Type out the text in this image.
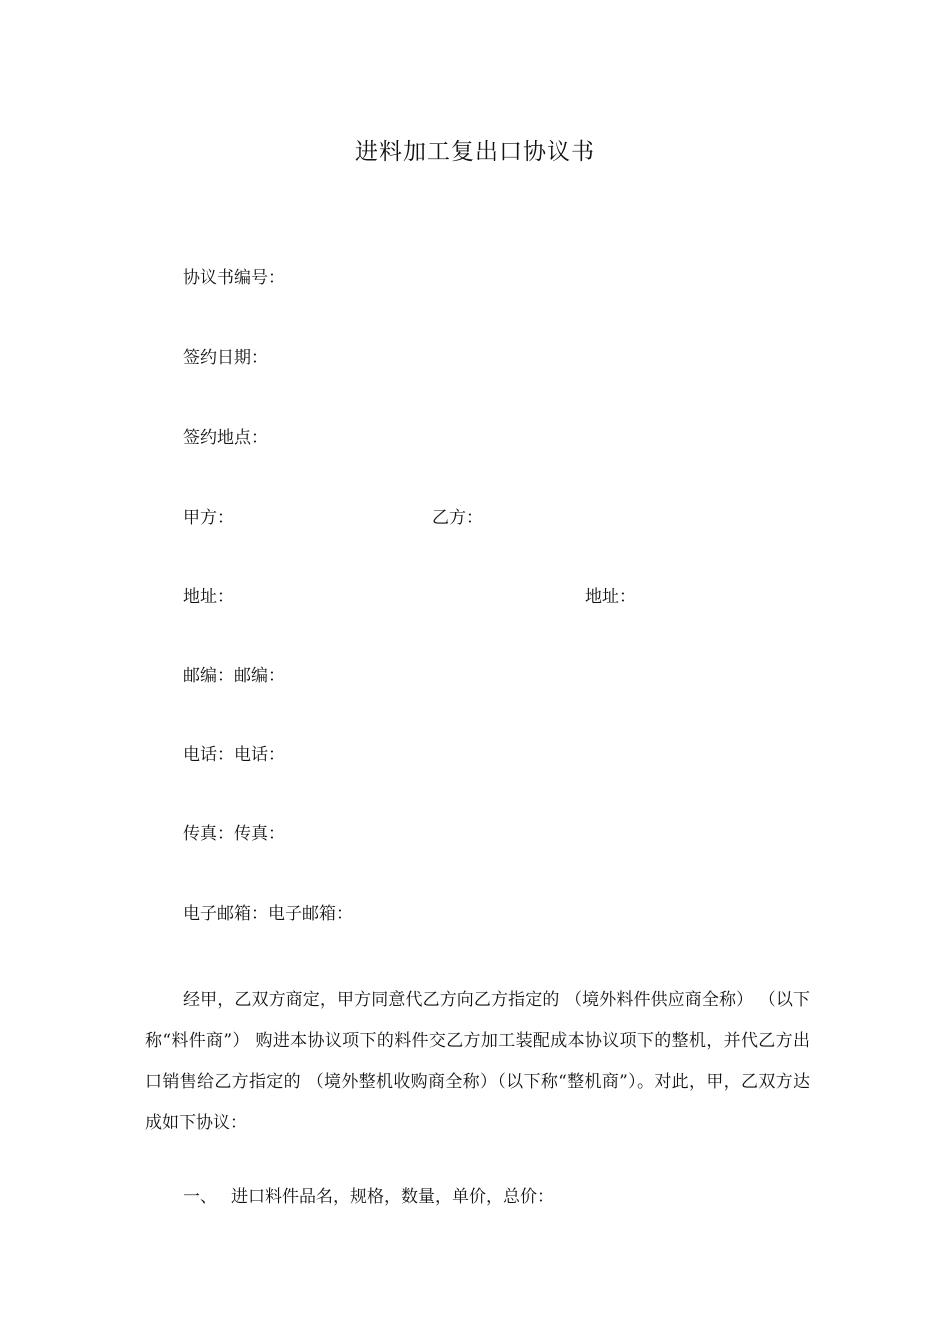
进料加工复出口协议书
协议书编号：
签约日期：
签约地点：
甲方：	乙方：
地址：	地址：
邮编：邮编：
电话：电话：
传真：传真：
电子邮箱：电子邮箱：

经甲，乙双方商定，甲方同意代乙方向乙方指定的 （境外料件供应商全称） （以下称“料件商”） 购进本协议项下的料件交乙方加工装配成本协议项下的整机，并代乙方出口销售给乙方指定的 （境外整机收购商全称）（以下称“整机商”）。对此，甲，乙双方达成如下协议：

一、 进口料件品名，规格，数量，单价，总价：
